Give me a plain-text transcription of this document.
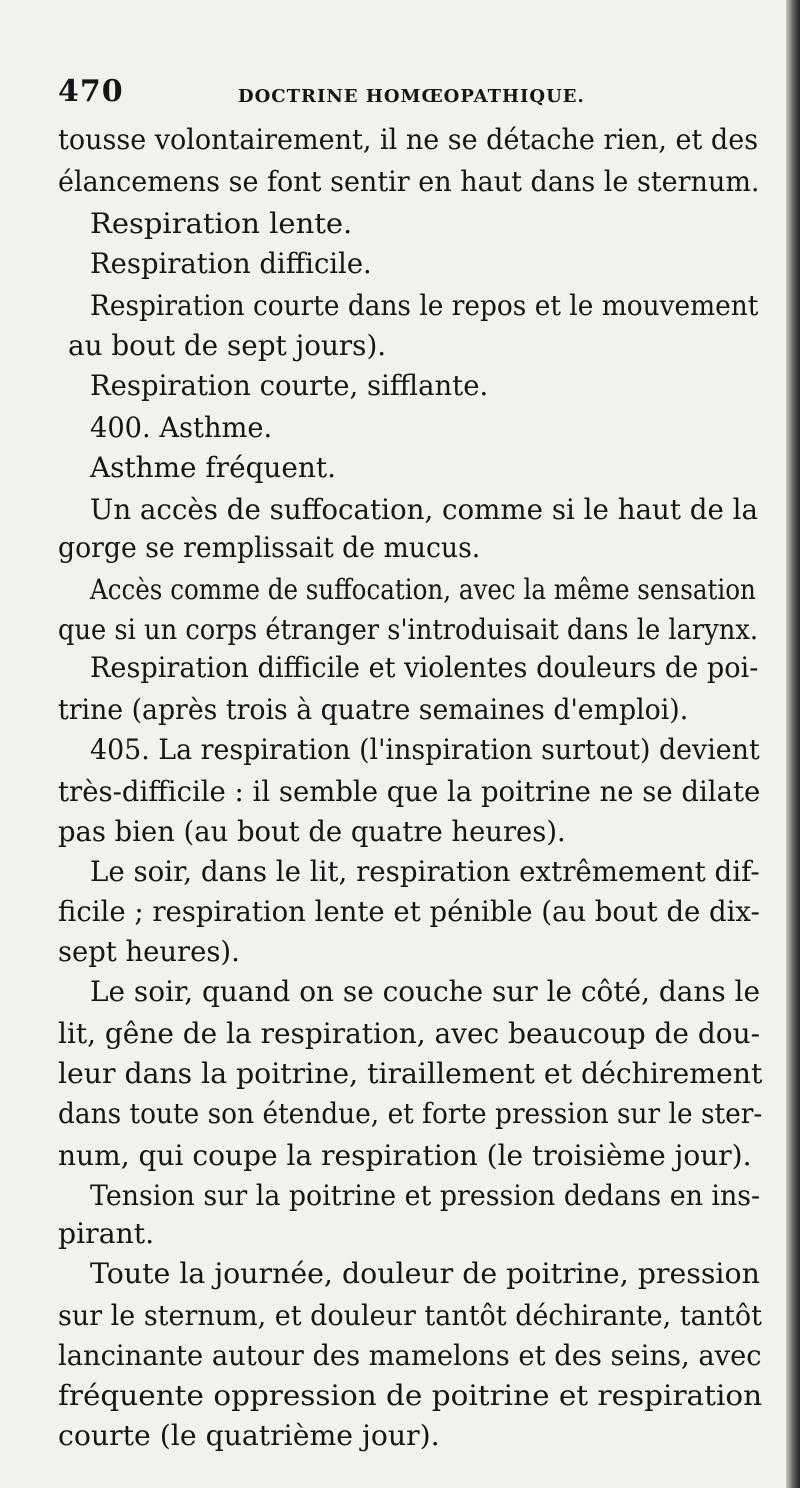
470	DOCTRINE HOMŒOPATHIQUE.
tousse volontairement, il ne se détache rien, et des
élancemens se font sentir en haut dans le sternum.
Respiration lente.
Respiration difficile.
Respiration courte dans le repos et le mouvement
au bout de sept jours).
Respiration courte, sifflante.
400. Asthme.
Asthme fréquent.
Un accès de suffocation, comme si le haut de la
gorge se remplissait de mucus.
Accès comme de suffocation, avec la même sensation
que si un corps étranger s'introduisait dans le larynx.
Respiration difficile et violentes douleurs de poi-
trine (après trois à quatre semaines d'emploi).
405. La respiration (l'inspiration surtout) devient
très-difficile : il semble que la poitrine ne se dilate
pas bien (au bout de quatre heures).
Le soir, dans le lit, respiration extrêmement dif-
ficile ; respiration lente et pénible (au bout de dix-
sept heures).
Le soir, quand on se couche sur le côté, dans le
lit, gêne de la respiration, avec beaucoup de dou-
leur dans la poitrine, tiraillement et déchirement
dans toute son étendue, et forte pression sur le ster-
num, qui coupe la respiration (le troisième jour).
Tension sur la poitrine et pression dedans en ins-
pirant.
Toute la journée, douleur de poitrine, pression
sur le sternum, et douleur tantôt déchirante, tantôt
lancinante autour des mamelons et des seins, avec
fréquente oppression de poitrine et respiration
courte (le quatrième jour).
